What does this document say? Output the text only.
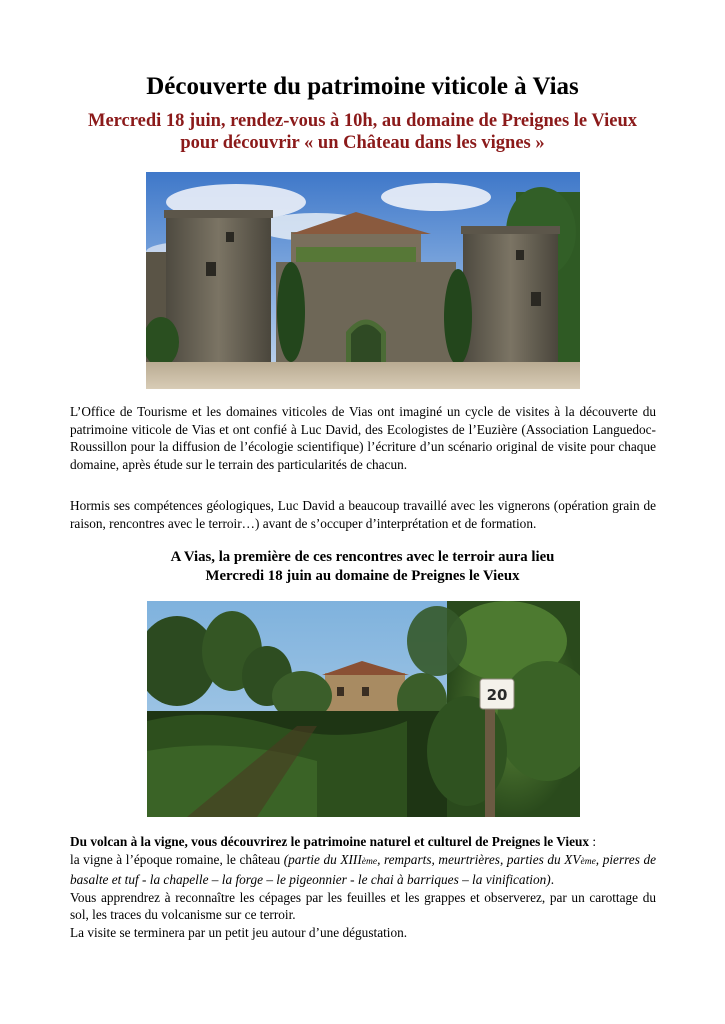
Découverte du patrimoine viticole à Vias
Mercredi 18 juin, rendez-vous à 10h, au domaine de Preignes le Vieux
pour découvrir « un Château dans les vignes »

L’Office de Tourisme et les domaines viticoles de Vias ont imaginé un cycle de visites à la découverte du patrimoine viticole de Vias et ont confié à Luc David, des Ecologistes de l’Euzière (Association Languedoc-Roussillon pour la diffusion de l’écologie scientifique) l’écriture d’un scénario original de visite pour chaque domaine, après étude sur le terrain des particularités de chacun.

Hormis ses compétences géologiques, Luc David a beaucoup travaillé avec les vignerons (opération grain de raison, rencontres avec le terroir…) avant de s’occuper d’interprétation et de formation.

A Vias, la première de ces rencontres avec le terroir aura lieu
Mercredi 18 juin au domaine de Preignes le Vieux
20

Du volcan à la vigne, vous découvrirez le patrimoine naturel et culturel de Preignes le Vieux :
la vigne à l’époque romaine, le château (partie du XIIIème, remparts, meurtrières, parties du XVème, pierres de basalte et tuf - la chapelle – la forge – le pigeonnier - le chai à barriques – la vinification).
Vous apprendrez à reconnaître les cépages par les feuilles et les grappes et observerez, par un carottage du sol, les traces du volcanisme sur ce terroir.
La visite se terminera par un petit jeu autour d’une dégustation.
